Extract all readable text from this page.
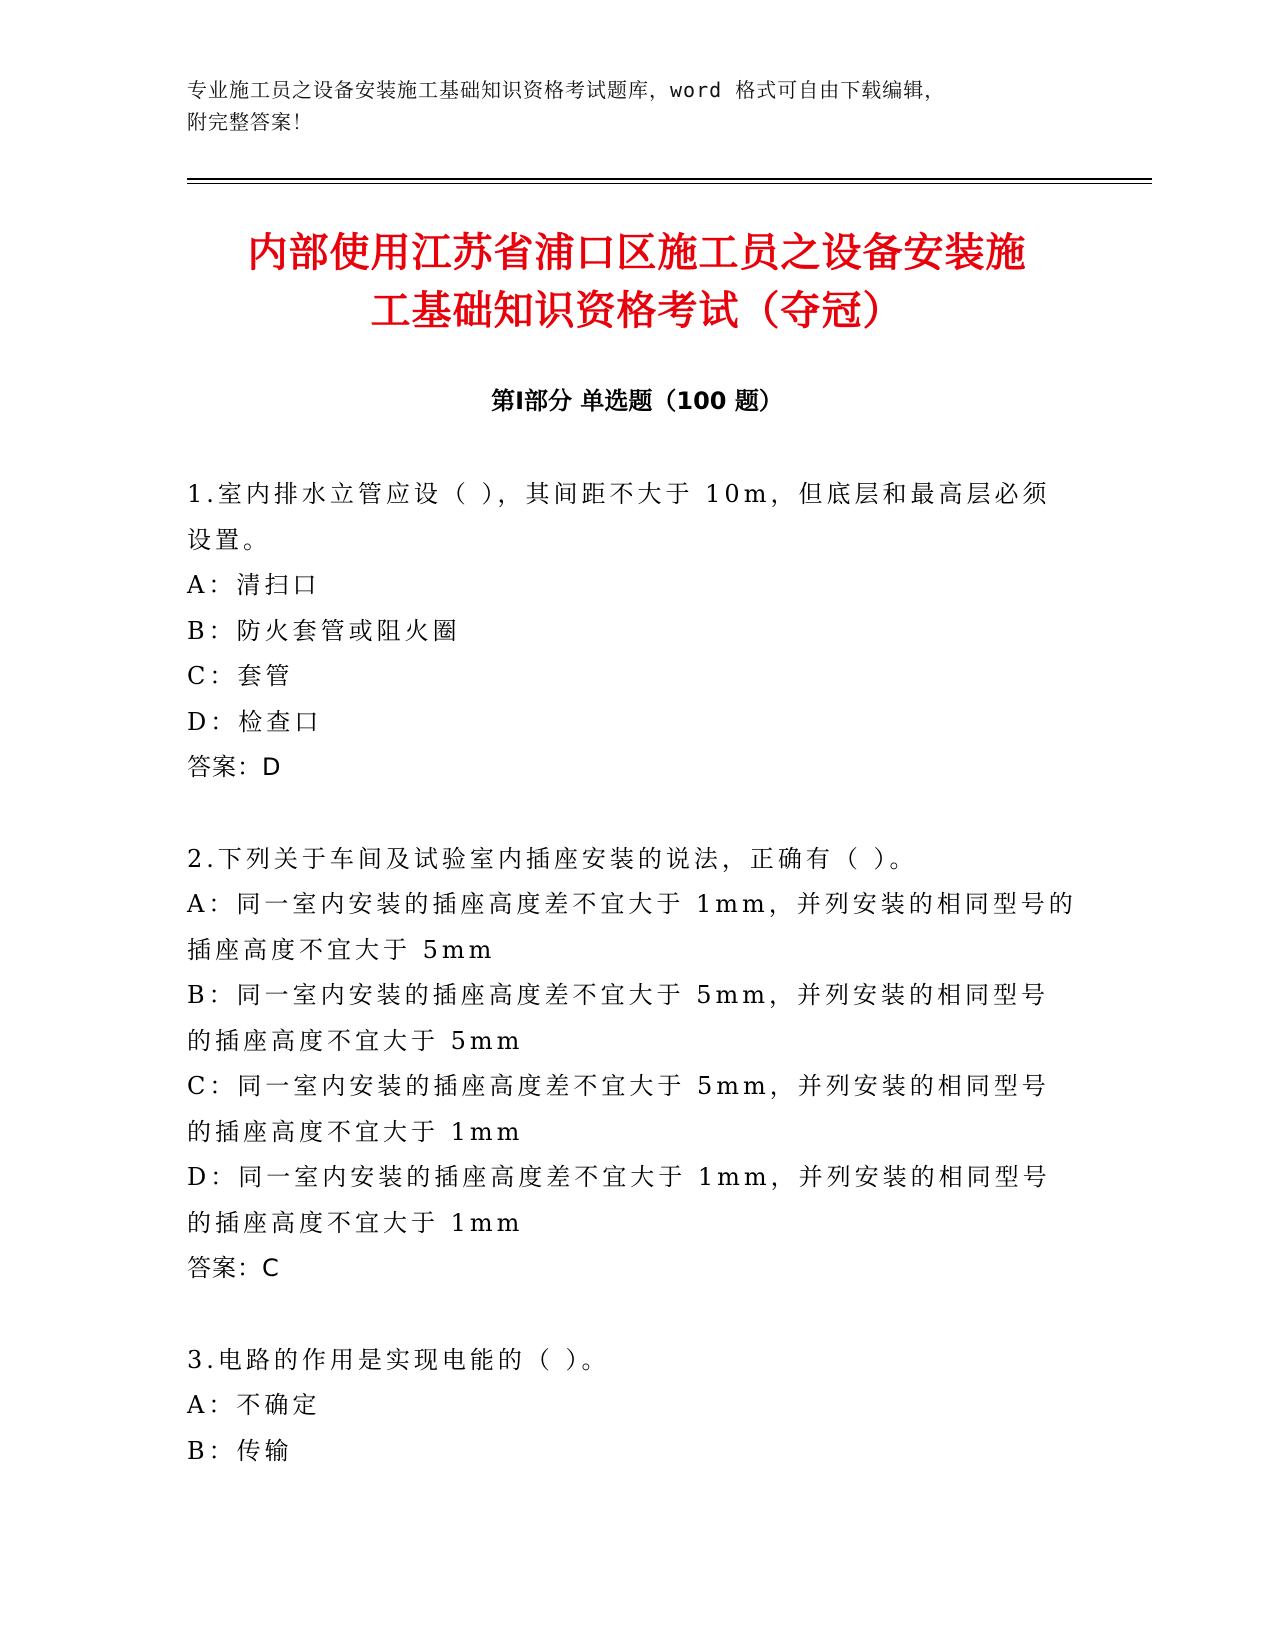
专业施工员之设备安装施工基础知识资格考试题库，word 格式可自由下载编辑，
附完整答案！
内部使用江苏省浦口区施工员之设备安装施
工基础知识资格考试（夺冠）
第Ⅰ部分 单选题（100 题）
1.室内排水立管应设（ ），其间距不大于 10m，但底层和最高层必须设置。
A：清扫口
B：防火套管或阻火圈
C：套管
D：检查口
答案：D
2.下列关于车间及试验室内插座安装的说法，正确有（ ）。
A：同一室内安装的插座高度差不宜大于 1mm，并列安装的相同型号的插座高度不宜大于 5mm
B：同一室内安装的插座高度差不宜大于 5mm，并列安装的相同型号的插座高度不宜大于 5mm
C：同一室内安装的插座高度差不宜大于 5mm，并列安装的相同型号的插座高度不宜大于 1mm
D：同一室内安装的插座高度差不宜大于 1mm，并列安装的相同型号的插座高度不宜大于 1mm
答案：C
3.电路的作用是实现电能的（ ）。
A：不确定
B：传输
